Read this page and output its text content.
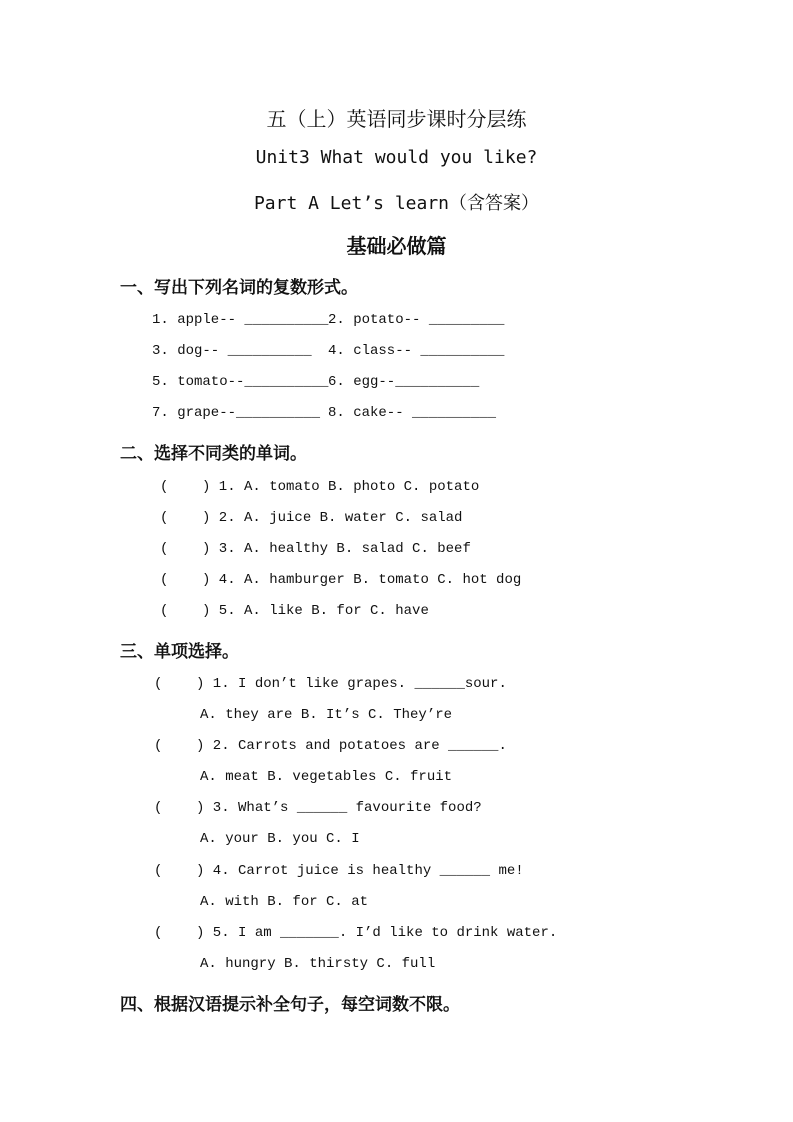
五（上）英语同步课时分层练
Unit3 What would you like?
Part A Let’s learn（含答案）
基础必做篇
一、写出下列名词的复数形式。
1. apple-- __________ 2. potato-- _________
3. dog-- __________ 4. class-- __________
5. tomato--__________ 6. egg--__________
7. grape--__________ 8. cake-- __________
二、选择不同类的单词。
(    ) 1. A. tomato B. photo C. potato
(    ) 2. A. juice B. water C. salad
(    ) 3. A. healthy B. salad C. beef
(    ) 4. A. hamburger B. tomato C. hot dog
(    ) 5. A. like B. for C. have
三、单项选择。
(    ) 1. I don’t like grapes. ______sour.
A. they are B. It’s C. They’re
(    ) 2. Carrots and potatoes are ______.
A. meat B. vegetables C. fruit
(    ) 3. What’s ______ favourite food?
A. your B. you C. I
(    ) 4. Carrot juice is healthy ______ me!
A. with B. for C. at
(    ) 5. I am _______. I’d like to drink water.
A. hungry B. thirsty C. full
四、根据汉语提示补全句子，每空词数不限。
